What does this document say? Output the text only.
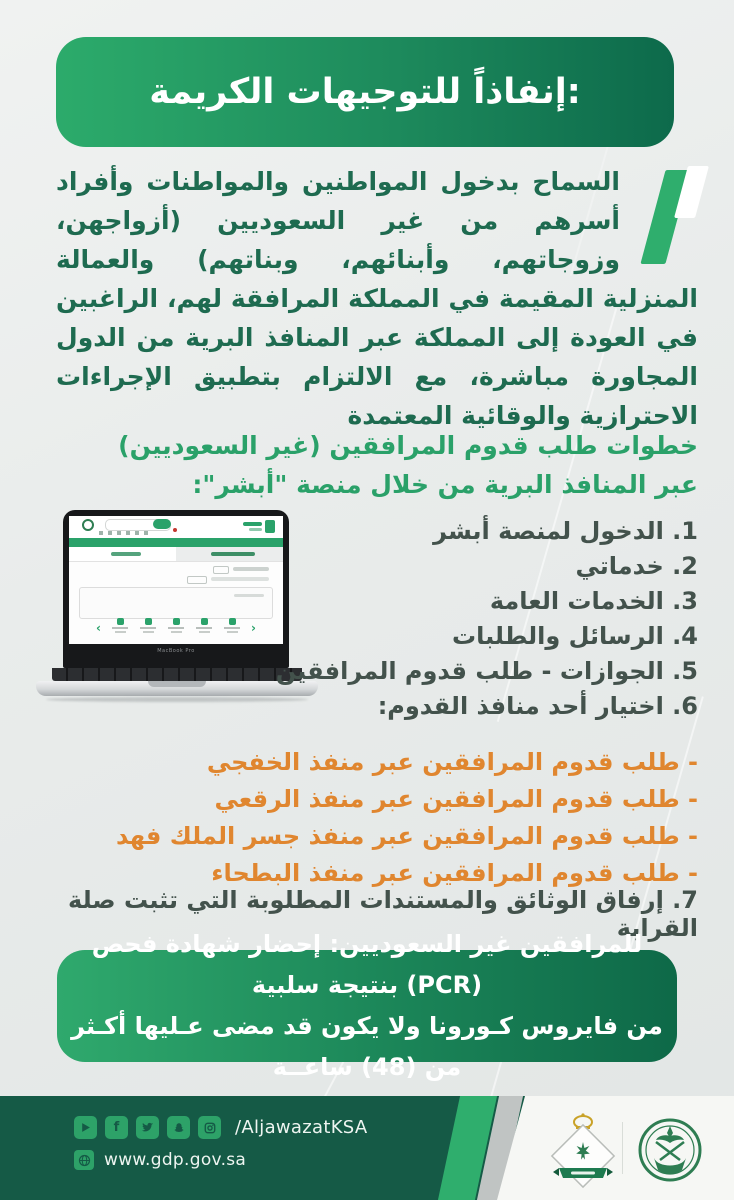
إنفاذاً للتوجيهات الكريمة:
السماح بدخول المواطنين والمواطنات وأفراد أسرهم من غير السعوديين (أزواجهن، وزوجاتهم، وأبنائهم، وبناتهم) والعمالة المنزلية المقيمة في المملكة المرافقة لهم، الراغبين في العودة إلى المملكة عبر المنافذ البرية من الدول المجاورة مباشرة، مع الالتزام بتطبيق الإجراءات الاحترازية والوقائية المعتمدة

خطوات طلب قدوم المرافقين (غير السعوديين) عبر المنافذ البرية من خلال منصة "أبشر":

‹	›
MacBook Pro
1. الدخول لمنصة أبشر
2. خدماتي
3. الخدمات العامة
4. الرسائل والطلبات
5. الجوازات - طلب قدوم المرافقين
6. اختيار أحد منافذ القدوم:
- طلب قدوم المرافقين عبر منفذ الخفجي
- طلب قدوم المرافقين عبر منفذ الرقعي
- طلب قدوم المرافقين عبر منفذ جسر الملك فهد
- طلب قدوم المرافقين عبر منفذ البطحاء
7. إرفاق الوثائق والمستندات المطلوبة التي تثبت صلة القرابة
للمرافقين غير السعوديين: إحضار شهادة فحص (PCR) بنتيجة سلبية
من فايروس كـورونا ولا يكون قد مضى عـليها أكـثر من (48) ساعــة
f	/AljawazatKSA
www.gdp.gov.sa
